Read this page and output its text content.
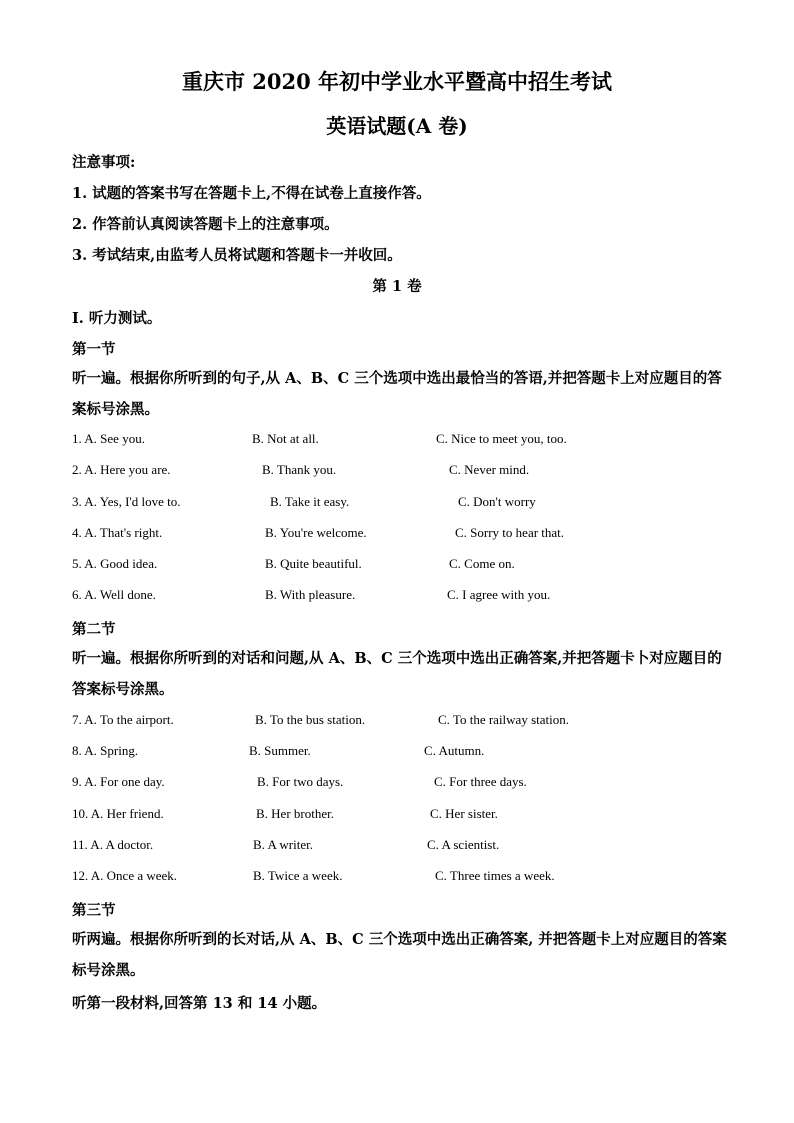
重庆市 2020 年初中学业水平暨高中招生考试
英语试题(A 卷)
注意事项:
1. 试题的答案书写在答题卡上,不得在试卷上直接作答。
2. 作答前认真阅读答题卡上的注意事项。
3. 考试结束,由监考人员将试题和答题卡一并收回。
第 1 卷
I. 听力测试。
第一节
听一遍。根据你所听到的句子,从 A、B、C 三个选项中选出最恰当的答语,并把答题卡上对应题目的答案标号涂黑。
1. A. See you.	B. Not at all.	C. Nice to meet you, too.
2. A. Here you are.	B. Thank you.	C. Never mind.
3. A. Yes, I'd love to.	B. Take it easy.	C. Don't worry
4. A. That's right.	B. You're welcome.	C. Sorry to hear that.
5. A. Good idea.	B. Quite beautiful.	C. Come on.
6. A. Well done.	B. With pleasure.	C. I agree with you.
第二节
听一遍。根据你所听到的对话和问题,从 A、B、C 三个选项中选出正确答案,并把答题卡卜对应题目的答案标号涂黑。
7. A. To the airport.	B. To the bus station.	C. To the railway station.
8. A. Spring.	B. Summer.	C. Autumn.
9. A. For one day.	B. For two days.	C. For three days.
10. A. Her friend.	B. Her brother.	C. Her sister.
11. A. A doctor.	B. A writer.	C. A scientist.
12. A. Once a week.	B. Twice a week.	C. Three times a week.
第三节
听两遍。根据你所听到的长对话,从 A、B、C 三个选项中选出正确答案, 并把答题卡上对应题目的答案标号涂黑。
听第一段材料,回答第 13 和 14 小题。
